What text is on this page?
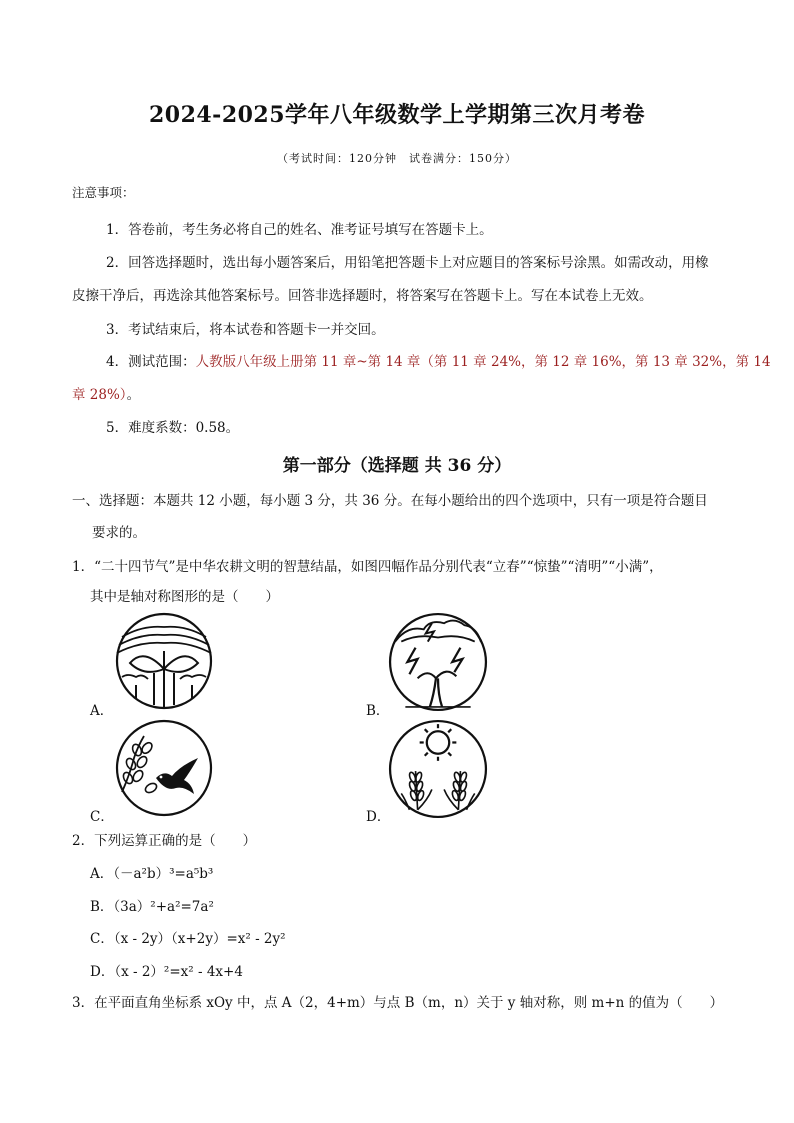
2024-2025学年八年级数学上学期第三次月考卷
（考试时间：120分钟　试卷满分：150分）
注意事项：
1．答卷前，考生务必将自己的姓名、准考证号填写在答题卡上。
2．回答选择题时，选出每小题答案后，用铅笔把答题卡上对应题目的答案标号涂黑。如需改动，用橡
皮擦干净后，再选涂其他答案标号。回答非选择题时，将答案写在答题卡上。写在本试卷上无效。
3．考试结束后，将本试卷和答题卡一并交回。
4．测试范围：人教版八年级上册第 11 章~第 14 章（第 11 章 24%，第 12 章 16%，第 13 章 32%，第 14
章 28%）。
5．难度系数：0.58。
第一部分（选择题 共 36 分）
一、选择题：本题共 12 小题，每小题 3 分，共 36 分。在每小题给出的四个选项中，只有一项是符合题目
要求的。
1．“二十四节气”是中华农耕文明的智慧结晶，如图四幅作品分别代表“立春”“惊蛰”“清明”“小满”，
其中是轴对称图形的是（　　）
A．	B．
C．	D．
2．下列运算正确的是（　　）
A．（－a²b）³=a⁵b³
B．（3a）²+a²=7a²
C．（x - 2y）（x+2y）=x² - 2y²
D．（x - 2）²=x² - 4x+4
3．在平面直角坐标系 xOy 中，点 A（2，4+m）与点 B（m，n）关于 y 轴对称，则 m+n 的值为（　　）
